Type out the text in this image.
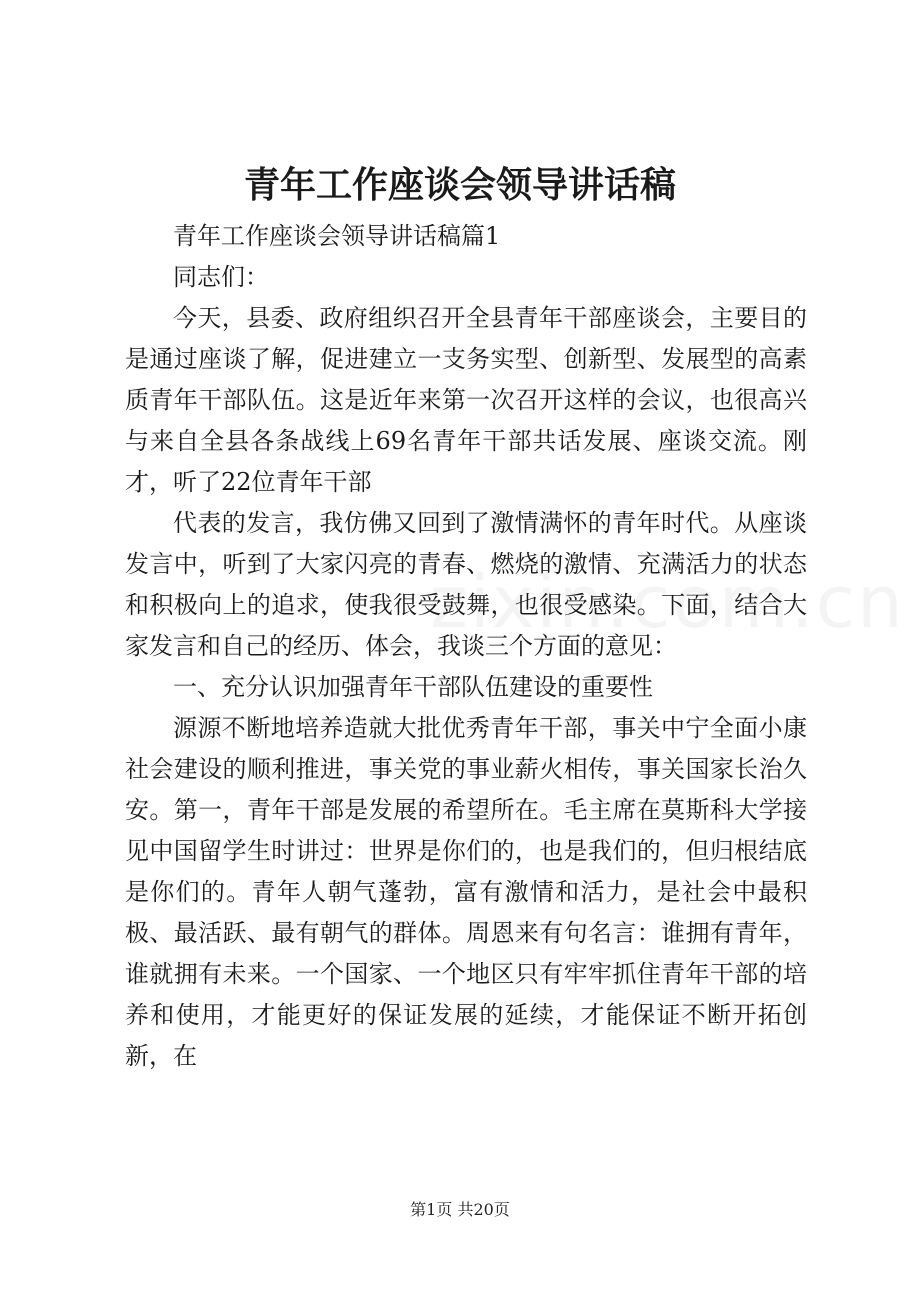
青年工作座谈会领导讲话稿

青年工作座谈会领导讲话稿篇1

同志们：

今天，县委、政府组织召开全县青年干部座谈会，主要目的是通过座谈了解，促进建立一支务实型、创新型、发展型的高素质青年干部队伍。这是近年来第一次召开这样的会议，也很高兴与来自全县各条战线上69名青年干部共话发展、座谈交流。刚才，听了22位青年干部

代表的发言，我仿佛又回到了激情满怀的青年时代。从座谈发言中，听到了大家闪亮的青春、燃烧的激情、充满活力的状态和积极向上的追求，使我很受鼓舞，也很受感染。下面，结合大家发言和自己的经历、体会，我谈三个方面的意见：

一、充分认识加强青年干部队伍建设的重要性

源源不断地培养造就大批优秀青年干部，事关中宁全面小康社会建设的顺利推进，事关党的事业薪火相传，事关国家长治久安。第一，青年干部是发展的希望所在。毛主席在莫斯科大学接见中国留学生时讲过：世界是你们的，也是我们的，但归根结底是你们的。青年人朝气蓬勃，富有激情和活力，是社会中最积极、最活跃、最有朝气的群体。周恩来有句名言：谁拥有青年，谁就拥有未来。一个国家、一个地区只有牢牢抓住青年干部的培养和使用，才能更好的保证发展的延续，才能保证不断开拓创新，在

第1页 共20页
